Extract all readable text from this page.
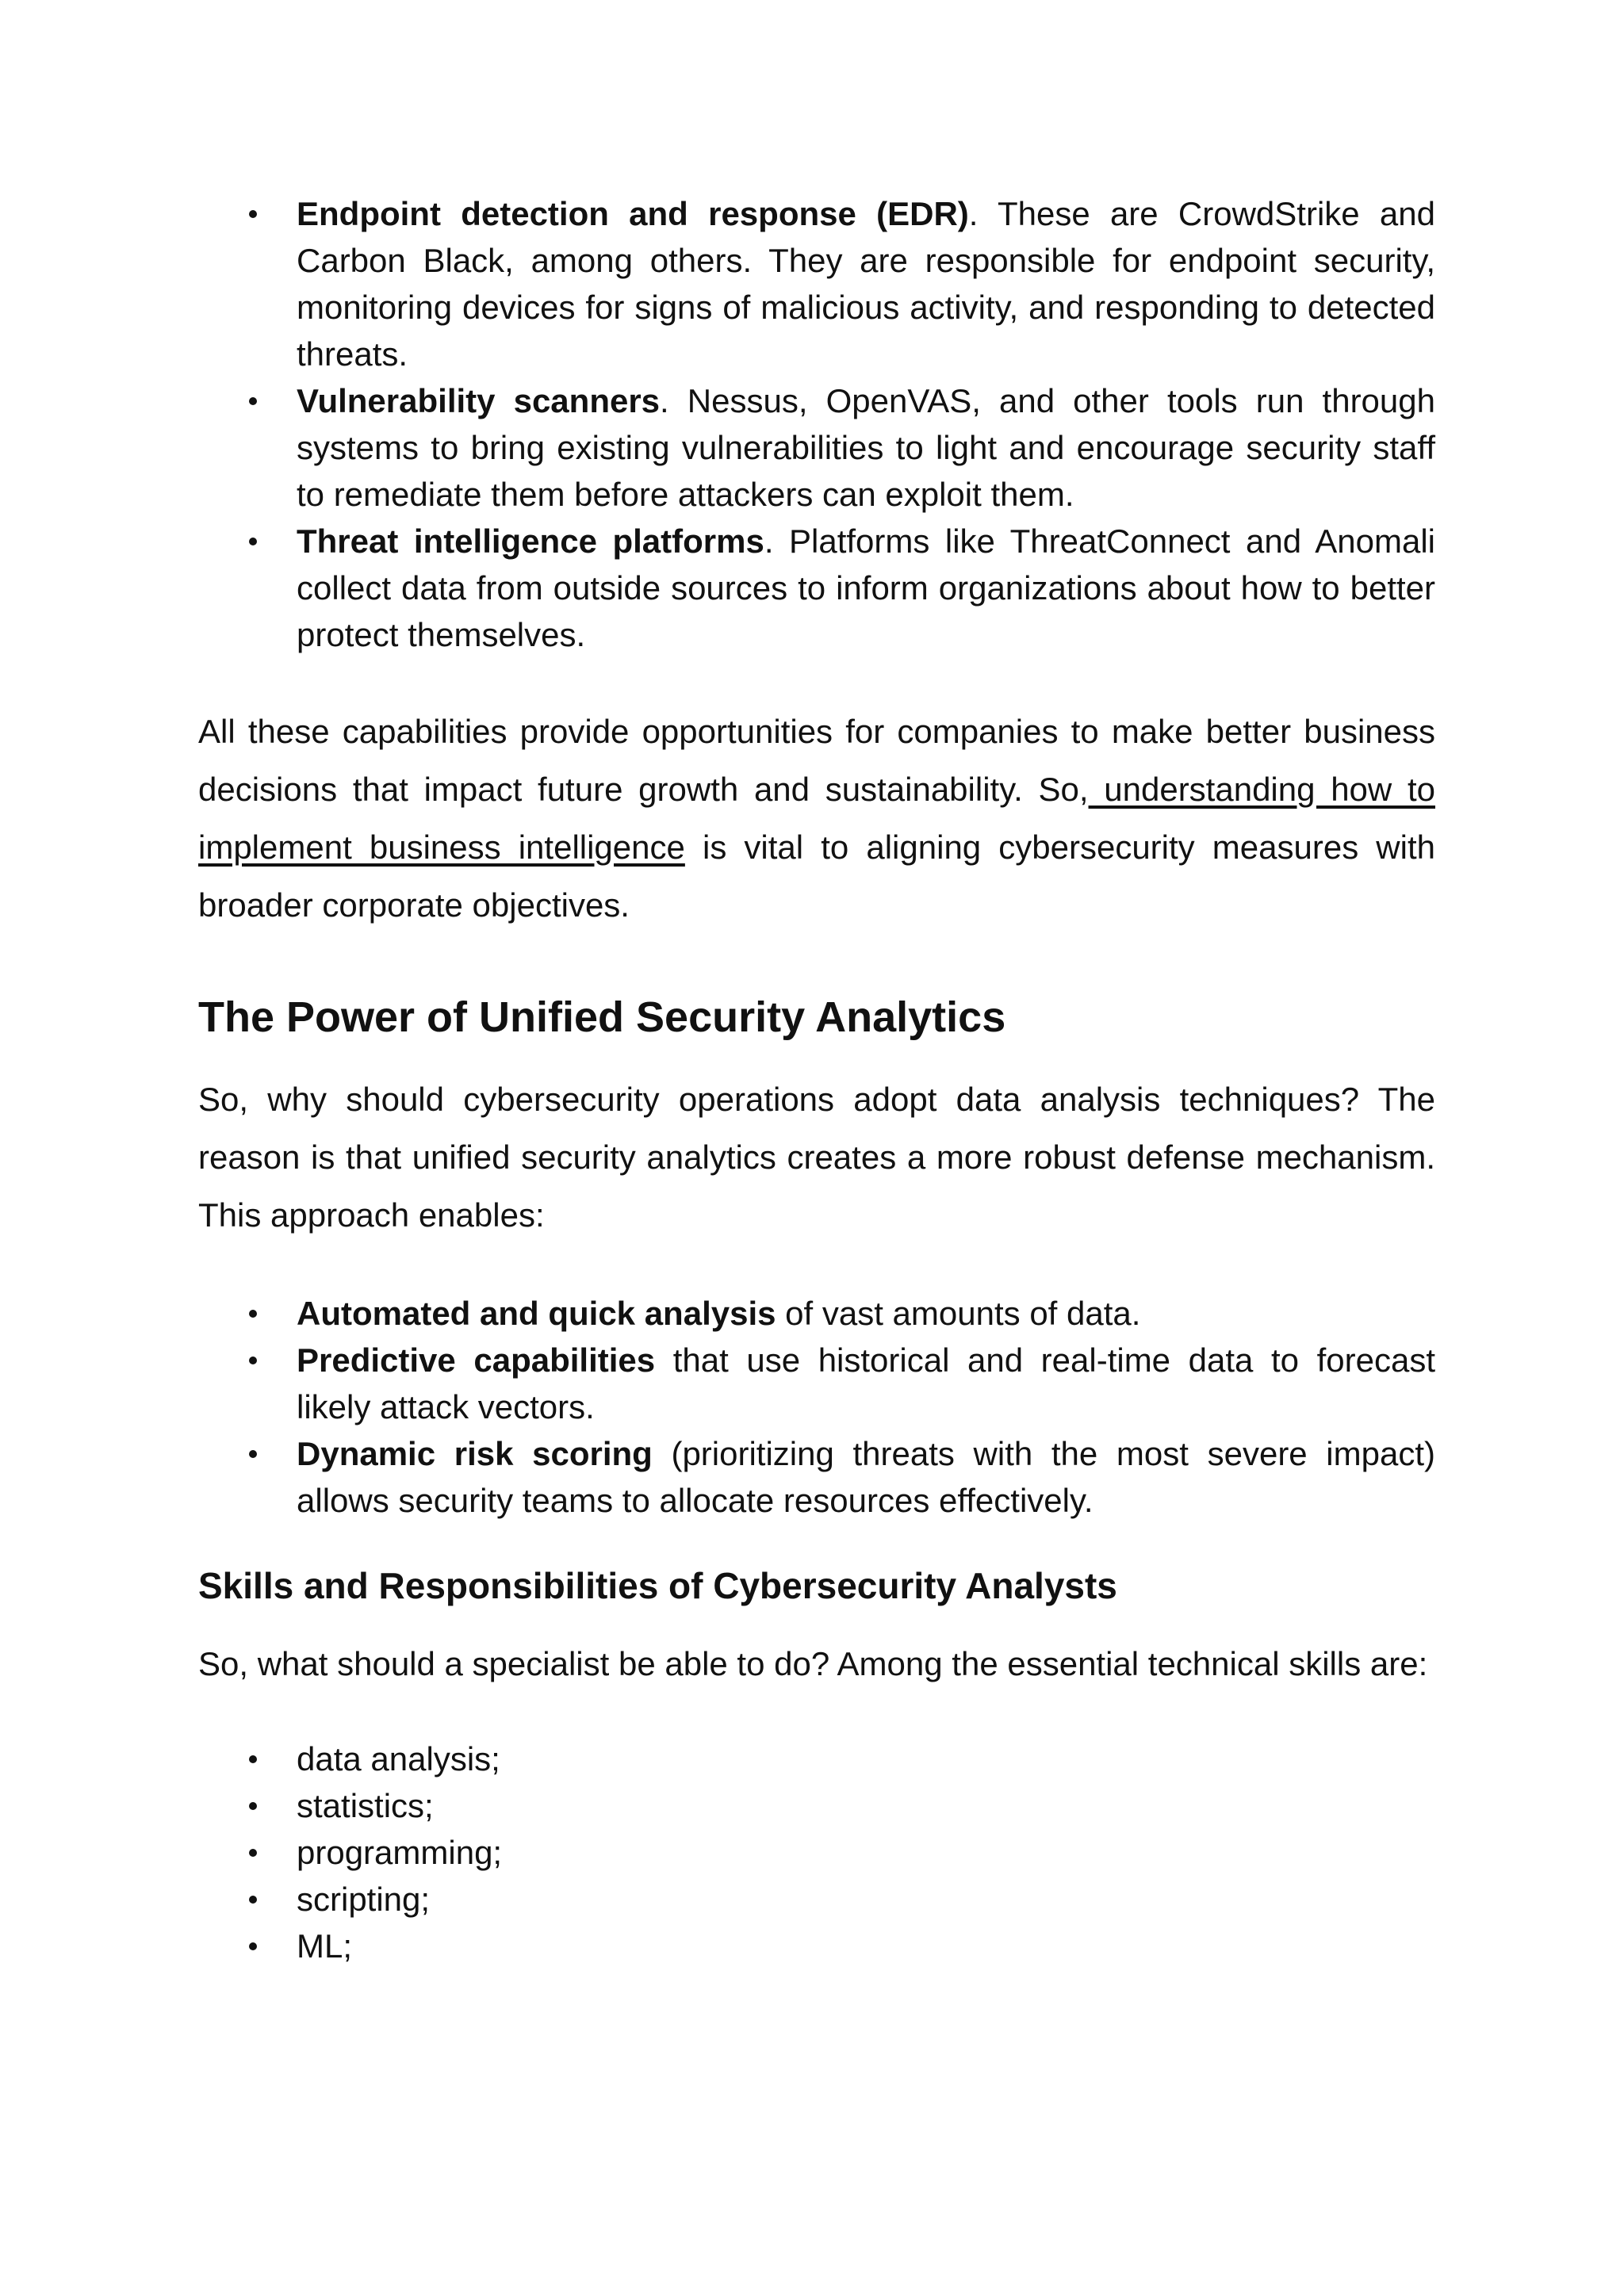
Endpoint detection and response (EDR). These are CrowdStrike and Carbon Black, among others. They are responsible for endpoint security, monitoring devices for signs of malicious activity, and responding to detected threats.
Vulnerability scanners. Nessus, OpenVAS, and other tools run through systems to bring existing vulnerabilities to light and encourage security staff to remediate them before attackers can exploit them.
Threat intelligence platforms. Platforms like ThreatConnect and Anomali collect data from outside sources to inform organizations about how to better protect themselves.

All these capabilities provide opportunities for companies to make better business decisions that impact future growth and sustainability. So, understanding how to implement business intelligence is vital to aligning cybersecurity measures with broader corporate objectives.

The Power of Unified Security Analytics

So, why should cybersecurity operations adopt data analysis techniques? The reason is that unified security analytics creates a more robust defense mechanism. This approach enables:

Automated and quick analysis of vast amounts of data.
Predictive capabilities that use historical and real-time data to forecast likely attack vectors.
Dynamic risk scoring (prioritizing threats with the most severe impact) allows security teams to allocate resources effectively.
Skills and Responsibilities of Cybersecurity Analysts

So, what should a specialist be able to do? Among the essential technical skills are:

data analysis;
statistics;
programming;
scripting;
ML;
